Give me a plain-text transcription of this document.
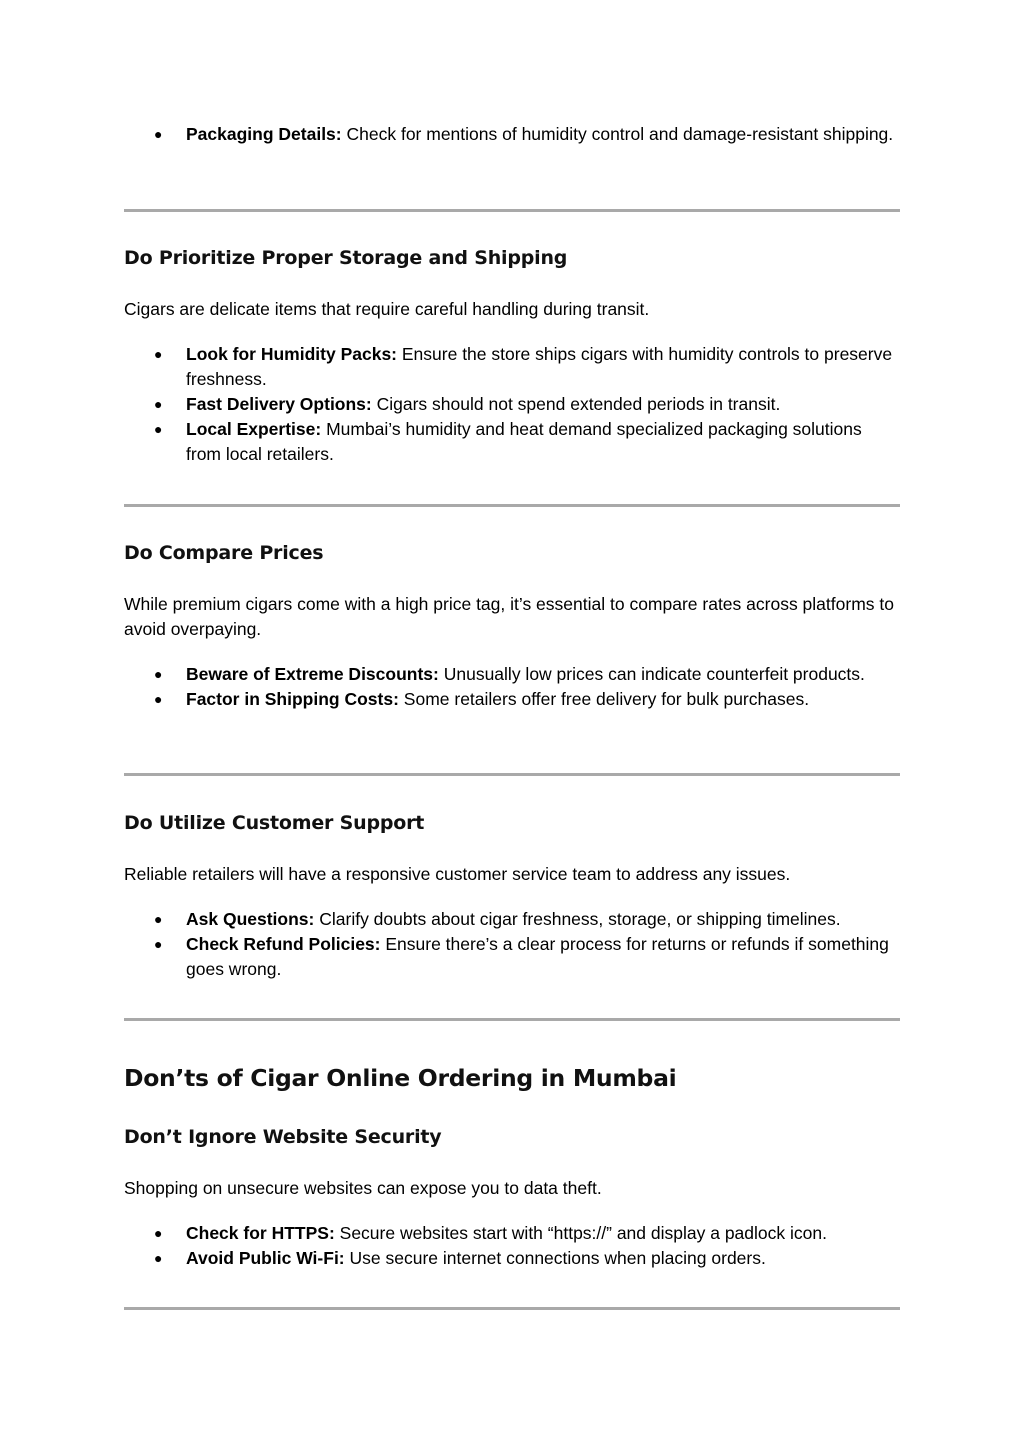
● Packaging Details: Check for mentions of humidity control and damage-resistant shipping.
Do Prioritize Proper Storage and Shipping

Cigars are delicate items that require careful handling during transit.

● Look for Humidity Packs: Ensure the store ships cigars with humidity controls to preserve freshness.
● Fast Delivery Options: Cigars should not spend extended periods in transit.
● Local Expertise: Mumbai’s humidity and heat demand specialized packaging solutions from local retailers.
Do Compare Prices

While premium cigars come with a high price tag, it’s essential to compare rates across platforms to avoid overpaying.

● Beware of Extreme Discounts: Unusually low prices can indicate counterfeit products.
● Factor in Shipping Costs: Some retailers offer free delivery for bulk purchases.
Do Utilize Customer Support

Reliable retailers will have a responsive customer service team to address any issues.

● Ask Questions: Clarify doubts about cigar freshness, storage, or shipping timelines.
● Check Refund Policies: Ensure there’s a clear process for returns or refunds if something goes wrong.
Don’ts of Cigar Online Ordering in Mumbai
Don’t Ignore Website Security

Shopping on unsecure websites can expose you to data theft.

● Check for HTTPS: Secure websites start with “https://” and display a padlock icon.
● Avoid Public Wi-Fi: Use secure internet connections when placing orders.
